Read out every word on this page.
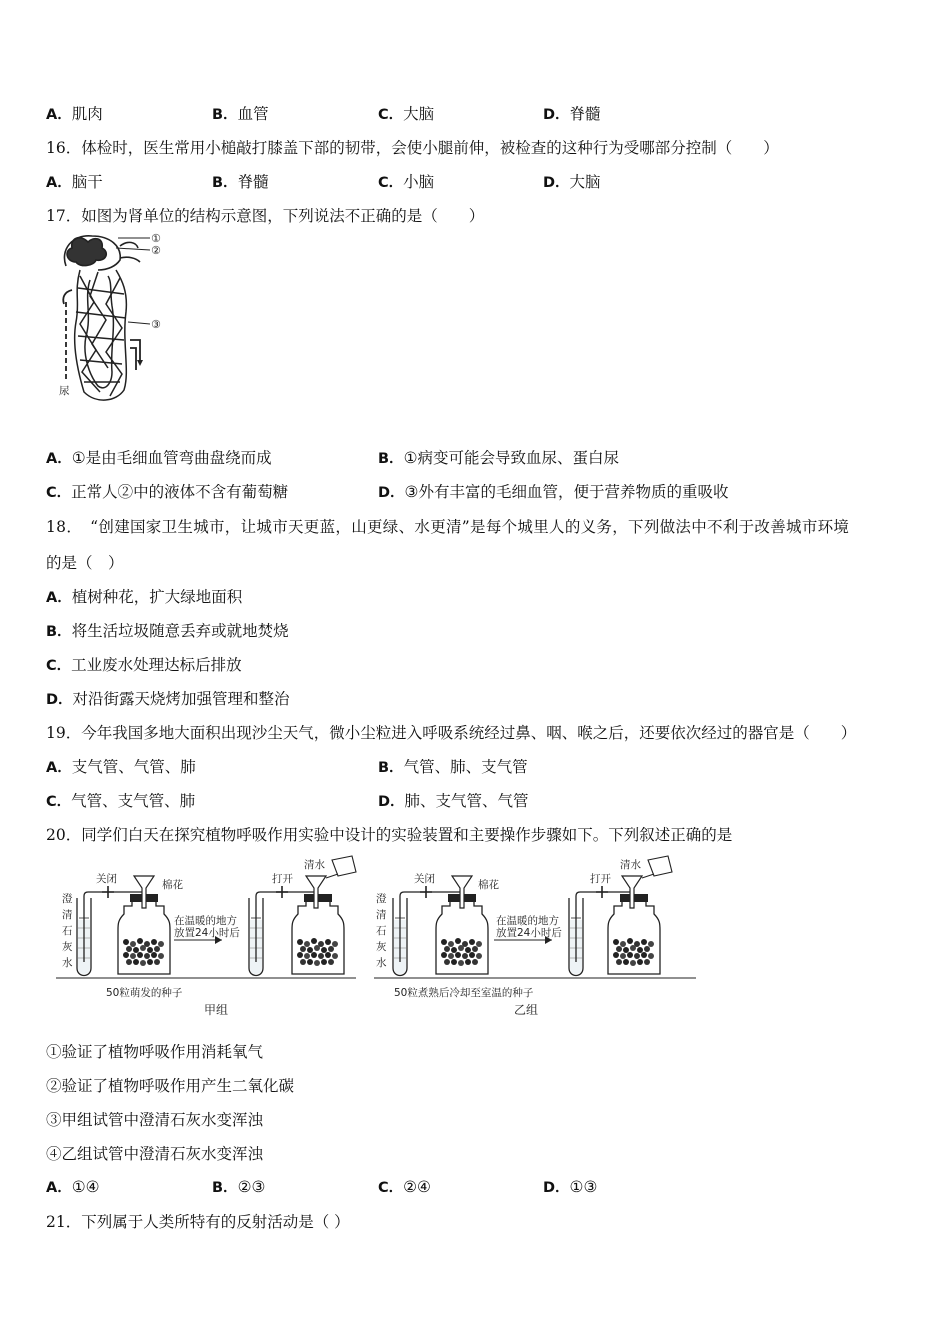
A．肌肉	B．血管	C．大脑	D．脊髓
16．体检时，医生常用小槌敲打膝盖下部的韧带，会使小腿前伸，被检查的这种行为受哪部分控制（　　）
A．脑干	B．脊髓	C．小脑	D．大脑
17．如图为肾单位的结构示意图，下列说法不正确的是（　　）
①
②
③
尿
A．①是由毛细血管弯曲盘绕而成	B．①病变可能会导致血尿、蛋白尿
C．正常人②中的液体不含有葡萄糖	D．③外有丰富的毛细血管，便于营养物质的重吸收
18．　“创建国家卫生城市，让城市天更蓝，山更绿、水更清”是每个城里人的义务，下列做法中不利于改善城市环境
的是（　）
A．植树种花，扩大绿地面积
B．将生活垃圾随意丢弃或就地焚烧
C．工业废水处理达标后排放
D．对沿街露天烧烤加强管理和整治
19．今年我国多地大面积出现沙尘天气，微小尘粒进入呼吸系统经过鼻、咽、喉之后，还要依次经过的器官是（　　）
A．支气管、气管、肺	B．气管、肺、支气管
C．气管、支气管、肺	D．肺、支气管、气管
20．同学们白天在探究植物呼吸作用实验中设计的实验装置和主要操作步骤如下。下列叙述正确的是
澄
清
石
灰
水
关闭	棉花
在温暖的地方
放置24小时后
打开
清水
50粒萌发的种子
甲组
澄
清
石
灰
水
关闭	棉花
在温暖的地方
放置24小时后
打开
清水
50粒煮熟后冷却至室温的种子
乙组
①验证了植物呼吸作用消耗氧气
②验证了植物呼吸作用产生二氧化碳
③甲组试管中澄清石灰水变浑浊
④乙组试管中澄清石灰水变浑浊
A．①④	B．②③	C．②④	D．①③
21．下列属于人类所特有的反射活动是（ ）
